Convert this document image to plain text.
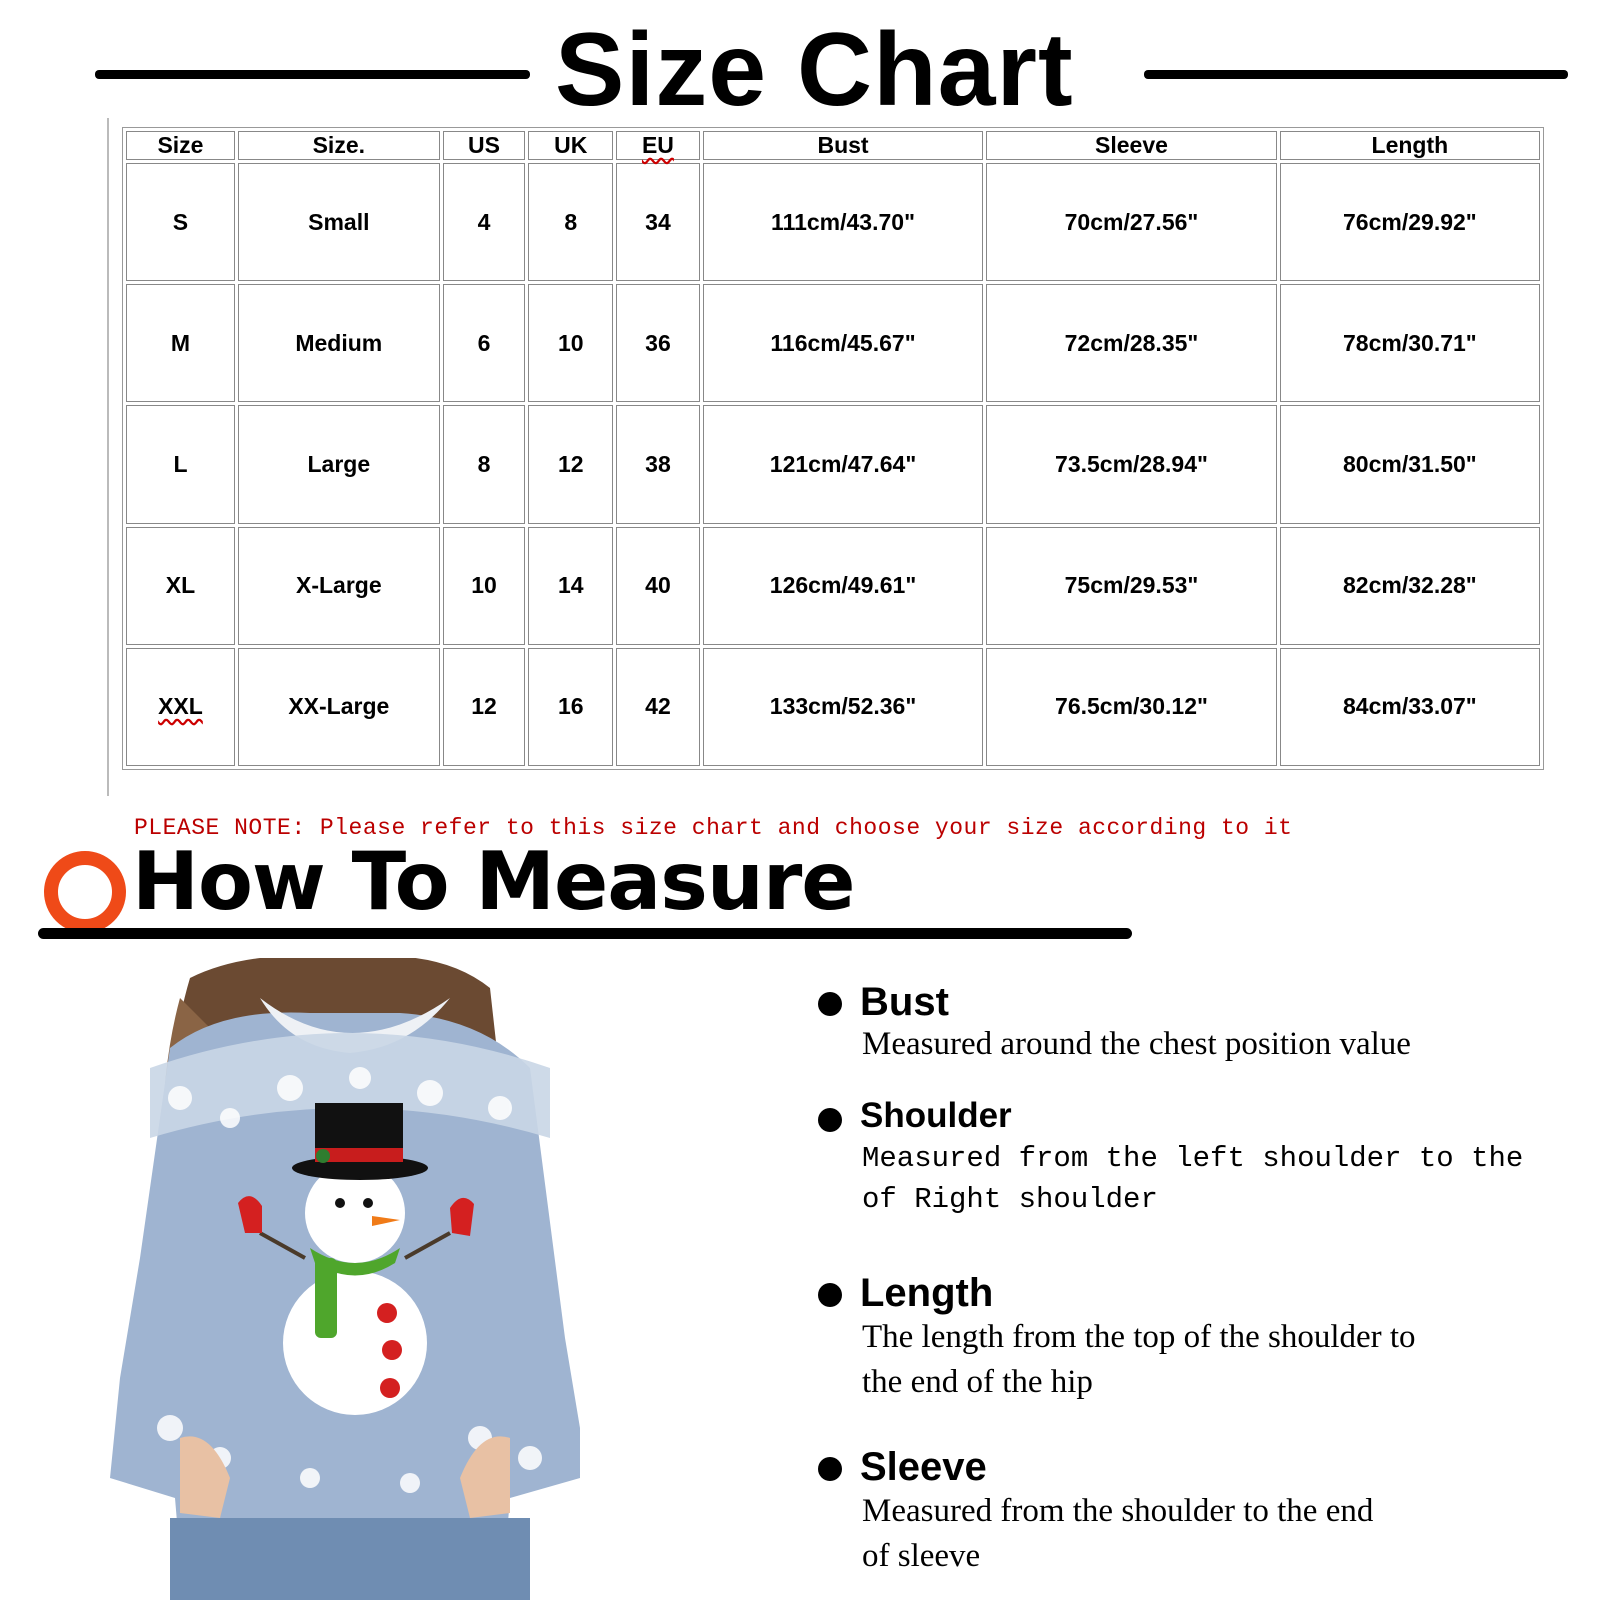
Size Chart
Size	Size.	US	UK	EU	Bust	Sleeve	Length
S	Small	4	8	34	111cm/43.70"	70cm/27.56"	76cm/29.92"
M	Medium	6	10	36	116cm/45.67"	72cm/28.35"	78cm/30.71"
L	Large	8	12	38	121cm/47.64"	73.5cm/28.94"	80cm/31.50"
XL	X-Large	10	14	40	126cm/49.61"	75cm/29.53"	82cm/32.28"
XXL	XX-Large	12	16	42	133cm/52.36"	76.5cm/30.12"	84cm/33.07"
PLEASE NOTE: Please refer to this size chart and choose your size according to it
How To Measure
Bust
Measured around the chest position value
Shoulder
Measured from the left shoulder to the
of Right shoulder
Length
The length from the top of the shoulder to
the end of the hip
Sleeve
Measured from the shoulder to the end
of sleeve
